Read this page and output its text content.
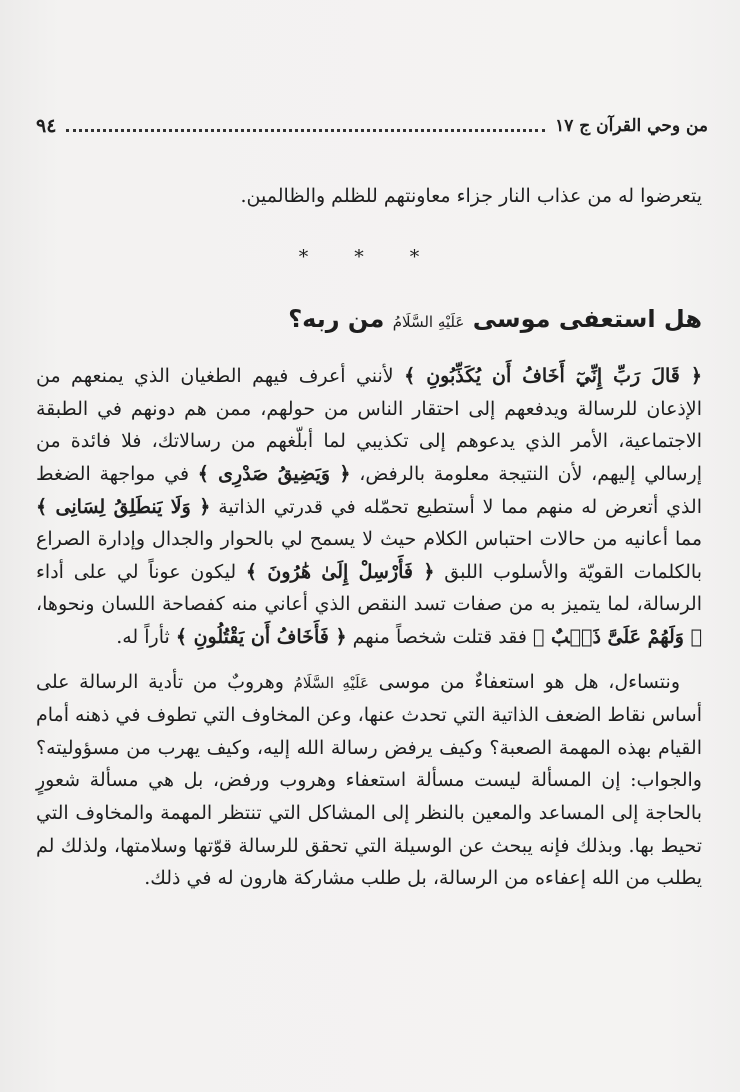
من وحي القرآن ج ١٧
٩٤

يتعرضوا له من عذاب النار جزاء معاونتهم للظلم والظالمين.

* * *
هل استعفى موسى عَلَيْهِ السَّلَامُ من ربه؟

﴿ قَالَ رَبِّ إِنِّيٓ أَخَافُ أَن يُكَذِّبُونِ ﴾ لأنني أعرف فيهم الطغيان الذي يمنعهم من الإذعان للرسالة ويدفعهم إلى احتقار الناس من حولهم، ممن هم دونهم في الطبقة الاجتماعية، الأمر الذي يدعوهم إلى تكذيبي لما أبلّغهم من رسالاتك، فلا فائدة من إرسالي إليهم، لأن النتيجة معلومة بالرفض، ﴿ وَيَضِيقُ صَدْرِى ﴾ في مواجهة الضغط الذي أتعرض له منهم مما لا أستطيع تحمّله في قدرتي الذاتية ﴿ وَلَا يَنطَلِقُ لِسَانِى ﴾ مما أعانيه من حالات احتباس الكلام حيث لا يسمح لي بالحوار والجدال وإدارة الصراع بالكلمات القويّة والأسلوب اللبق ﴿ فَأَرْسِلْ إِلَىٰ هَٰرُونَ ﴾ ليكون عوناً لي على أداء الرسالة، لما يتميز به من صفات تسد النقص الذي أعاني منه كفصاحة اللسان ونحوها، ﴿ وَلَهُمْ عَلَىَّ ذَنۢبٌ ﴾ فقد قتلت شخصاً منهم ﴿ فَأَخَافُ أَن يَقْتُلُونِ ﴾ ثأراً له.

ونتساءل، هل هو استعفاءٌ من موسى عَلَيْهِ السَّلَامُ وهروبٌ من تأدية الرسالة على أساس نقاط الضعف الذاتية التي تحدث عنها، وعن المخاوف التي تطوف في ذهنه أمام القيام بهذه المهمة الصعبة؟ وكيف يرفض رسالة الله إليه، وكيف يهرب من مسؤوليته؟ والجواب: إن المسألة ليست مسألة استعفاء وهروب ورفض، بل هي مسألة شعورٍ بالحاجة إلى المساعد والمعين بالنظر إلى المشاكل التي تنتظر المهمة والمخاوف التي تحيط بها. وبذلك فإنه يبحث عن الوسيلة التي تحقق للرسالة قوّتها وسلامتها، ولذلك لم يطلب من الله إعفاءه من الرسالة، بل طلب مشاركة هارون له في ذلك.
